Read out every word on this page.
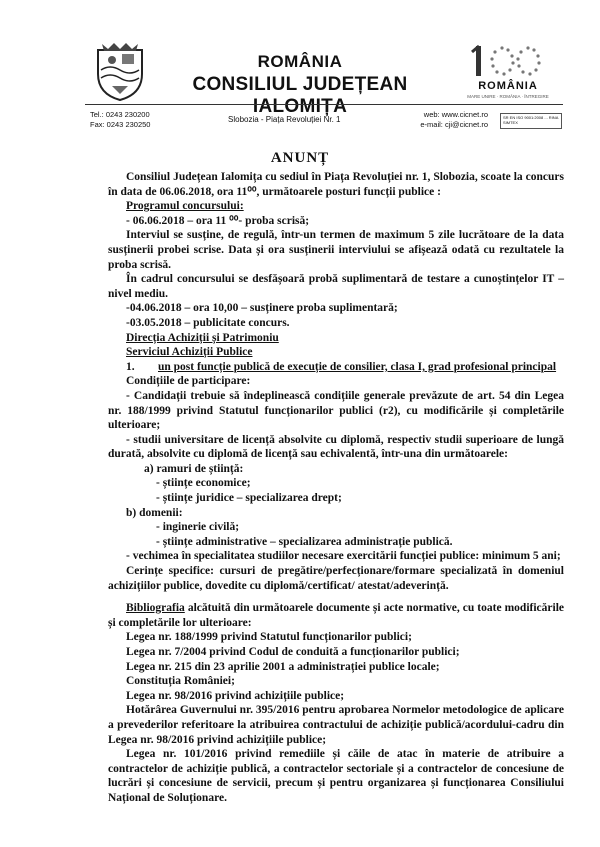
ROMÂNIA
CONSILIUL JUDEȚEAN IALOMIȚA
ROMÂNIA
MARE UNIRE · ROMÂNIA · ÎNTREGIRE
Tel.: 0243 230200
Fax: 0243 230250
Slobozia - Piața Revoluției Nr. 1
web: www.cicnet.ro
e-mail: cji@cicnet.ro
SR EN ISO 9001:2008 ... RINA SIMTEX
ANUNȚ

Consiliul Județean Ialomița cu sediul în Piața Revoluției nr. 1, Slobozia, scoate la concurs în data de 06.06.2018, ora 11⁰⁰, următoarele posturi funcții publice :

Programul concursului:

- 06.06.2018 – ora 11 ⁰⁰- proba scrisă;

Interviul se susține, de regulă, într-un termen de maximum 5 zile lucrătoare de la data susținerii probei scrise. Data și ora susținerii interviului se afișează odată cu rezultatele la proba scrisă.

În cadrul concursului se desfășoară probă suplimentară de testare a cunoștințelor IT – nivel mediu.

-04.06.2018 – ora 10,00 – susținere proba suplimentară;

-03.05.2018 – publicitate concurs.

Direcția Achiziții și Patrimoniu

Serviciul Achiziții Publice

1.	un post funcție publică de execuție de consilier, clasa I, grad profesional principal

Condițiile de participare:

- Candidații trebuie să îndeplinească condițiile generale prevăzute de art. 54 din Legea nr. 188/1999 privind Statutul funcționarilor publici (r2), cu modificările și completările ulterioare;

- studii universitare de licență absolvite cu diplomă, respectiv studii superioare de lungă durată, absolvite cu diplomă de licență sau echivalentă, într-una din următoarele:

a) ramuri de știință:

- științe economice;

- științe juridice – specializarea drept;

b) domenii:

- inginerie civilă;

- științe administrative – specializarea administrație publică.

- vechimea în specialitatea studiilor necesare exercitării funcției publice: minimum 5 ani;

Cerințe specifice: cursuri de pregătire/perfecționare/formare specializată în domeniul achizițiilor publice, dovedite cu diplomă/certificat/ atestat/adeverință.

Bibliografia alcătuită din următoarele documente și acte normative, cu toate modificările și completările lor ulterioare:

Legea nr. 188/1999 privind Statutul funcționarilor publici;

Legea nr. 7/2004 privind Codul de conduită a funcționarilor publici;

Legea nr. 215 din 23 aprilie 2001 a administrației publice locale;

Constituția României;

Legea nr. 98/2016 privind achizițiile publice;

Hotărârea Guvernului nr. 395/2016 pentru aprobarea Normelor metodologice de aplicare a prevederilor referitoare la atribuirea contractului de achiziție publică/acordului-cadru din Legea nr. 98/2016 privind achizițiile publice;

Legea nr. 101/2016 privind remediile și căile de atac în materie de atribuire a contractelor de achiziție publică, a contractelor sectoriale și a contractelor de concesiune de lucrări și concesiune de servicii, precum și pentru organizarea și funcționarea Consiliului Național de Soluționare.
